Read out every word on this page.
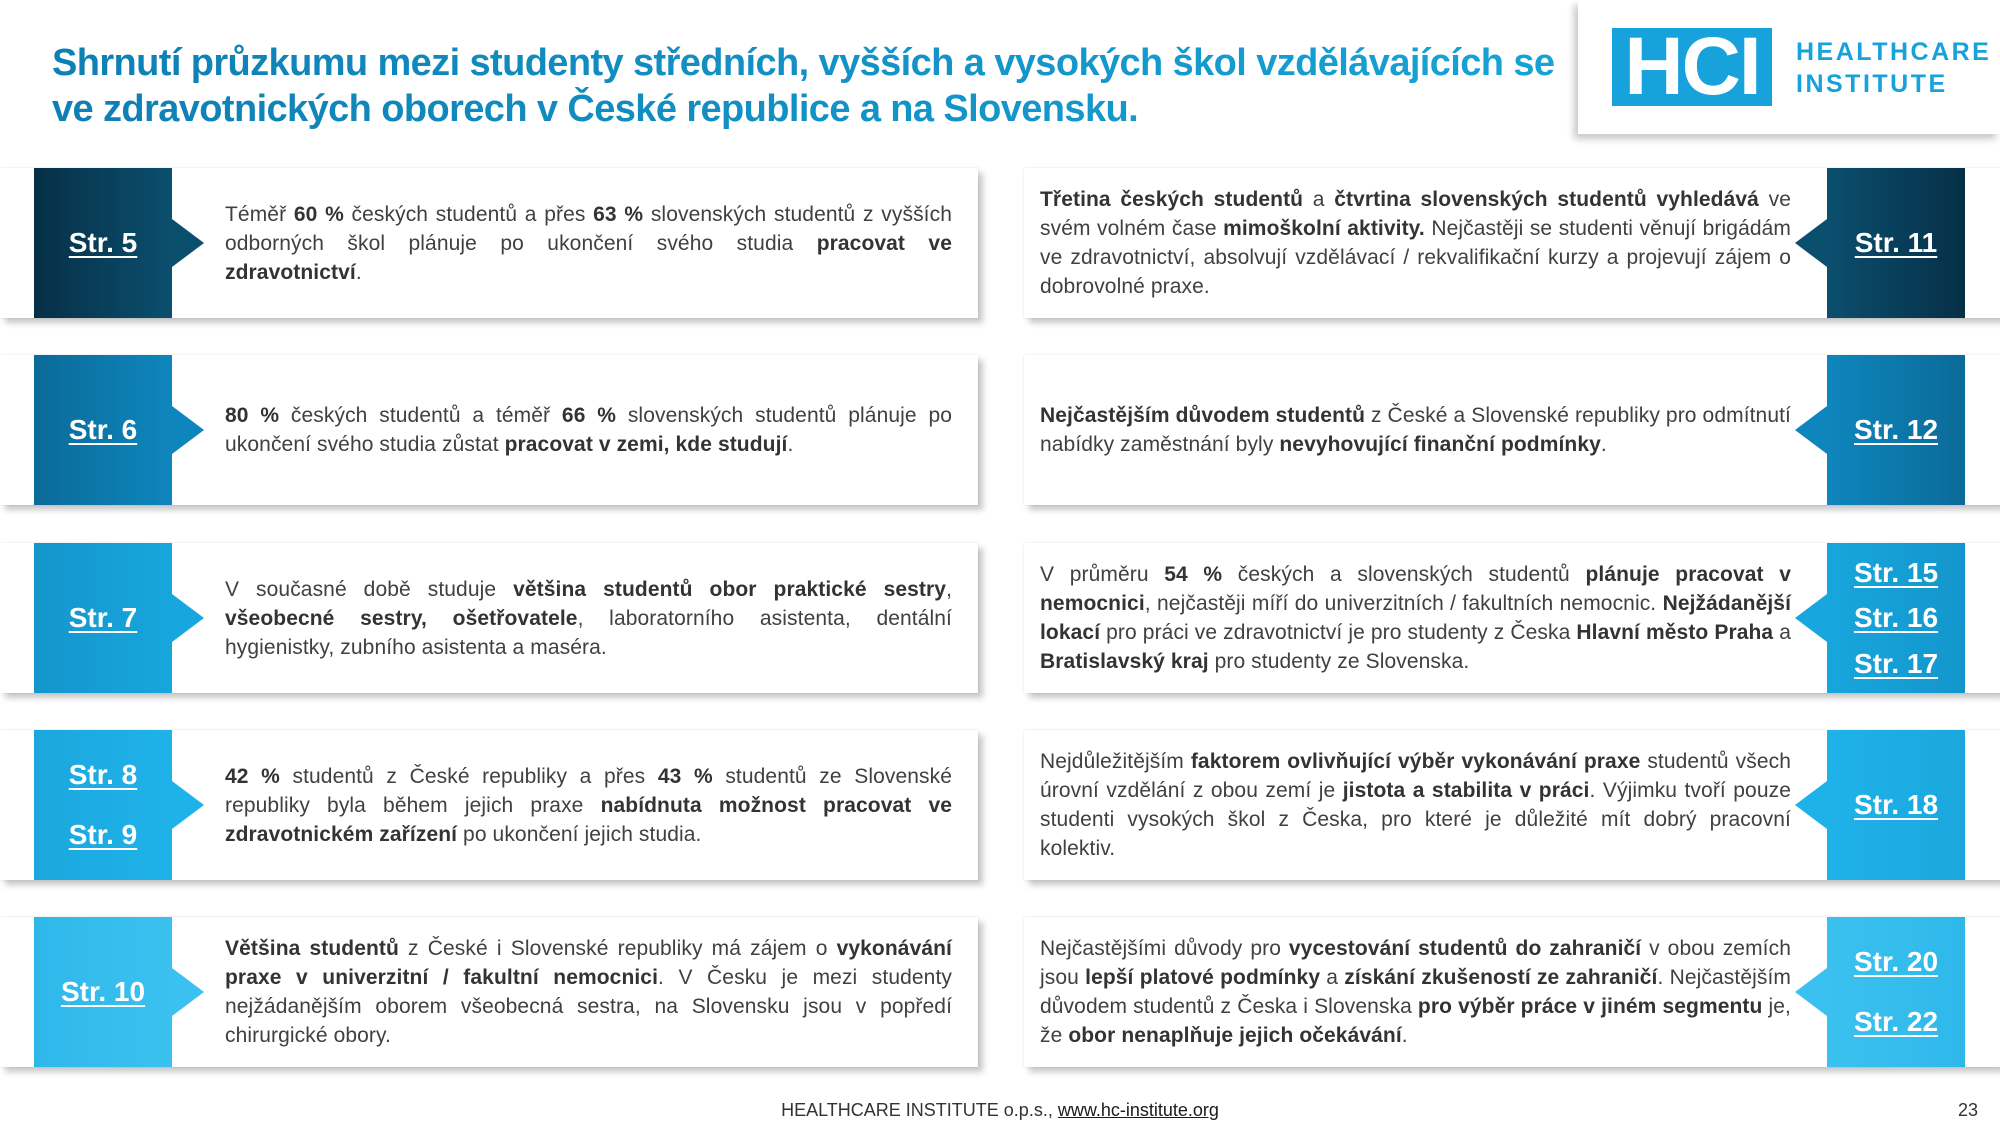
Shrnutí průzkumu mezi studenty středních, vyšších a vysokých škol vzdělávajících se ve zdravotnických oborech v České republice a na Slovensku.	HCI	HEALTHCARE
INSTITUTE
Str. 5

Téměř 60 % českých studentů a přes 63 % slovenských studentů z vyšších odborných škol plánuje po ukončení svého studia pracovat ve zdravotnictví.

Str. 6	80 % českých studentů a téměř 66 % slovenských studentů plánuje po ukončení svého studia zůstat pracovat v zemi, kde studují.

Str. 7

V současné době studuje většina studentů obor praktické sestry, všeobecné sestry, ošetřovatele, laboratorního asistenta, dentální hygienistky, zubního asistenta a maséra.

Str. 8
Str. 9

42 % studentů z České republiky a přes 43 % studentů ze Slovenské republiky byla během jejich praxe nabídnuta možnost pracovat ve zdravotnickém zařízení po ukončení jejich studia.

Str. 10

Většina studentů z České i Slovenské republiky má zájem o vykonávání praxe v univerzitní / fakultní nemocnici. V Česku je mezi studenty nejžádanějším oborem všeobecná sestra, na Slovensku jsou v popředí chirurgické obory.

Str. 11

Třetina českých studentů a čtvrtina slovenských studentů vyhledává ve svém volném čase mimoškolní aktivity. Nejčastěji se studenti věnují brigádám ve zdravotnictví, absolvují vzdělávací / rekvalifikační kurzy a projevují zájem o dobrovolné praxe.

Str. 12

Nejčastějším důvodem studentů z České a Slovenské republiky pro odmítnutí nabídky zaměstnání byly nevyhovující finanční podmínky.

Str. 15
Str. 16
Str. 17

V průměru 54 % českých a slovenských studentů plánuje pracovat v nemocnici, nejčastěji míří do univerzitních / fakultních nemocnic. Nejžádanější lokací pro práci ve zdravotnictví je pro studenty z Česka Hlavní město Praha a Bratislavský kraj pro studenty ze Slovenska.

Str. 18

Nejdůležitějším faktorem ovlivňující výběr vykonávání praxe studentů všech úrovní vzdělání z obou zemí je jistota a stabilita v práci. Výjimku tvoří pouze studenti vysokých škol z Česka, pro které je důležité mít dobrý pracovní kolektiv.

Str. 20
Str. 22

Nejčastějšími důvody pro vycestování studentů do zahraničí v obou zemích jsou lepší platové podmínky a získání zkušeností ze zahraničí. Nejčastějším důvodem studentů z Česka i Slovenska pro výběr práce v jiném segmentu je, že obor nenaplňuje jejich očekávání.

HEALTHCARE INSTITUTE o.p.s., www.hc-institute.org	23
